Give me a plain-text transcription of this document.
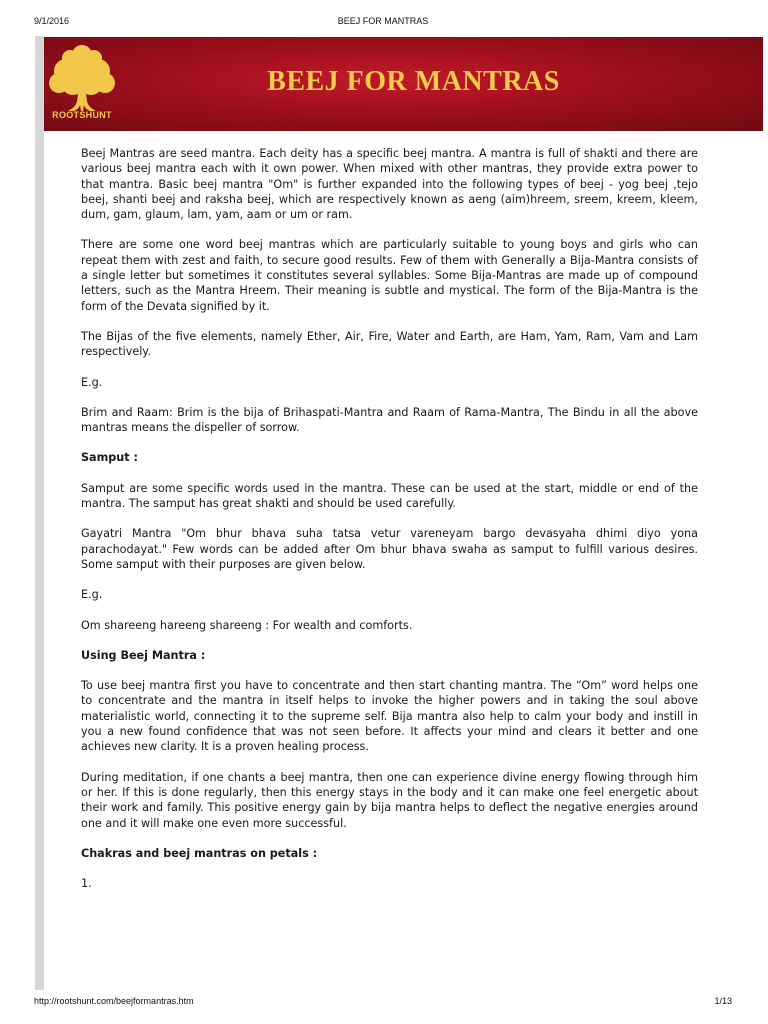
9/1/2016	BEEJ FOR MANTRAS
ROOTSHUNT
BEEJ FOR MANTRAS

Beej Mantras are seed mantra. Each deity has a specific beej mantra. A mantra is full of shakti and there are various beej mantra each with it own power. When mixed with other mantras, they provide extra power to that mantra. Basic beej mantra "Om" is further expanded into the following types of beej - yog beej ,tejo beej, shanti beej and raksha beej, which are respectively known as aeng (aim)hreem, sreem, kreem, kleem, dum, gam, glaum, lam, yam, aam or um or ram.

There are some one word beej mantras which are particularly suitable to young boys and girls who can repeat them with zest and faith, to secure good results. Few of them with Generally a Bija-Mantra consists of a single letter but sometimes it constitutes several syllables. Some Bija-Mantras are made up of compound letters, such as the Mantra Hreem. Their meaning is subtle and mystical. The form of the Bija-Mantra is the form of the Devata signified by it.

The Bijas of the five elements, namely Ether, Air, Fire, Water and Earth, are Ham, Yam, Ram, Vam and Lam respectively.

E.g.

Brim and Raam: Brim is the bija of Brihaspati-Mantra and Raam of Rama-Mantra, The Bindu in all the above mantras means the dispeller of sorrow.

Samput :

Samput are some specific words used in the mantra. These can be used at the start, middle or end of the mantra. The samput has great shakti and should be used carefully.

Gayatri Mantra "Om bhur bhava suha tatsa vetur vareneyam bargo devasyaha dhimi diyo yona parachodayat." Few words can be added after Om bhur bhava swaha as samput to fulfill various desires. Some samput with their purposes are given below.

E.g.

Om shareeng hareeng shareeng : For wealth and comforts.

Using Beej Mantra :

To use beej mantra first you have to concentrate and then start chanting mantra. The “Om” word helps one to concentrate and the mantra in itself helps to invoke the higher powers and in taking the soul above materialistic world, connecting it to the supreme self. Bija mantra also help to calm your body and instill in you a new found confidence that was not seen before. It affects your mind and clears it better and one achieves new clarity. It is a proven healing process.

During meditation, if one chants a beej mantra, then one can experience divine energy flowing through him or her. If this is done regularly, then this energy stays in the body and it can make one feel energetic about their work and family. This positive energy gain by bija mantra helps to deflect the negative energies around one and it will make one even more successful.

Chakras and beej mantras on petals :

1.

http://rootshunt.com/beejformantras.htm	1/13
